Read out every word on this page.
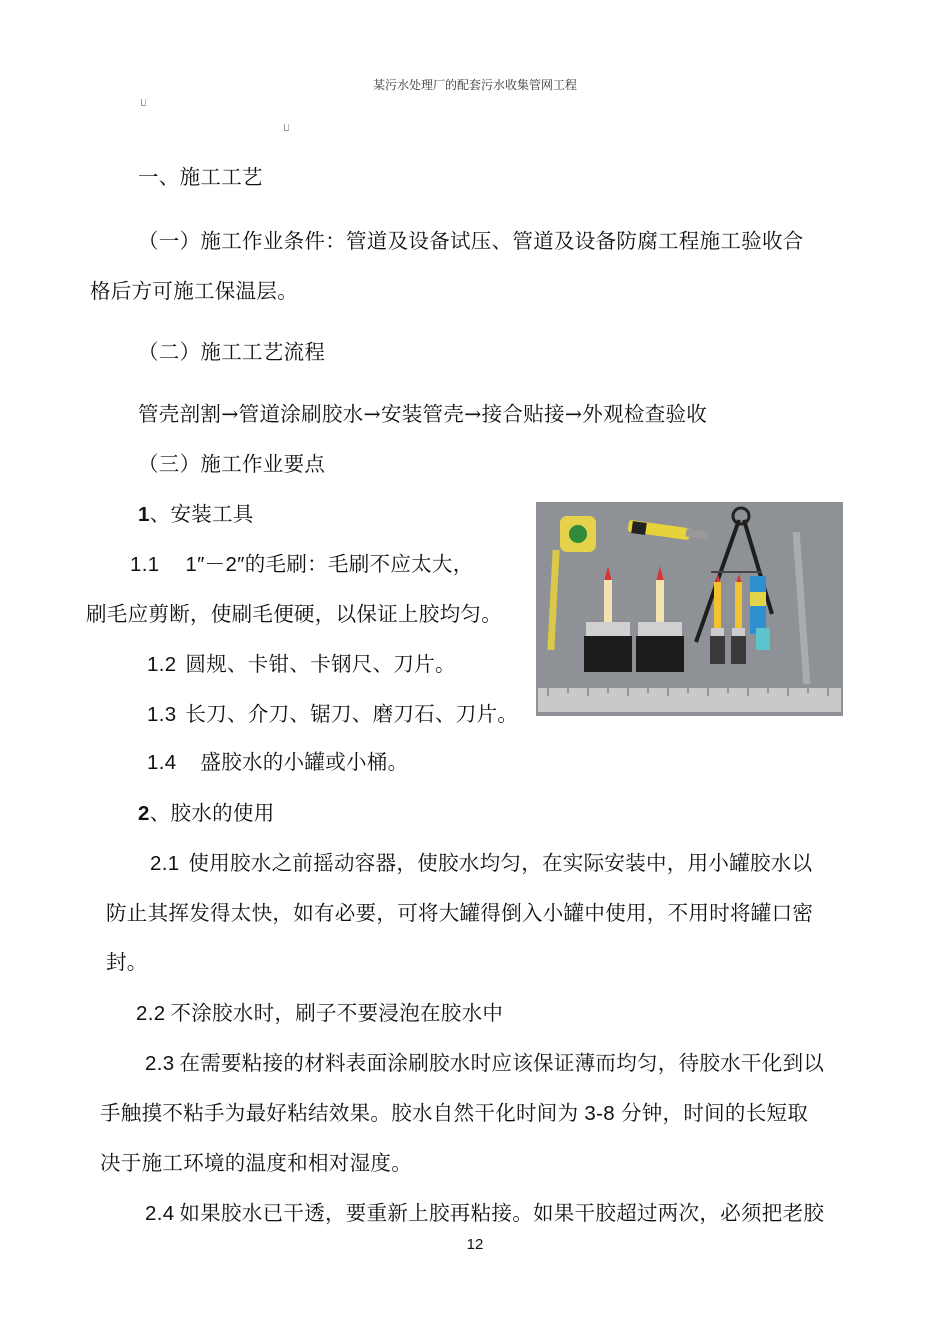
某污水处理厂的配套污水收集管网工程
一、施工工艺
（一）施工作业条件：管道及设备试压、管道及设备防腐工程施工验收合
格后方可施工保温层。
（二）施工工艺流程
管壳剖割→管道涂刷胶水→安装管壳→接合贴接→外观检查验收
（三）施工作业要点
1、安装工具
1.1 1″－2″的毛刷：毛刷不应太大，
刷毛应剪断，使刷毛便硬，以保证上胶均匀。
1.2 圆规、卡钳、卡钢尺、刀片。
1.3 长刀、介刀、锯刀、磨刀石、刀片。
1.4 盛胶水的小罐或小桶。
2、胶水的使用
2.1 使用胶水之前摇动容器，使胶水均匀，在实际安装中，用小罐胶水以
防止其挥发得太快，如有必要，可将大罐得倒入小罐中使用，不用时将罐口密
封。
2.2 不涂胶水时，刷子不要浸泡在胶水中
2.3 在需要粘接的材料表面涂刷胶水时应该保证薄而均匀，待胶水干化到以
手触摸不粘手为最好粘结效果。胶水自然干化时间为 3-8 分钟，时间的长短取
决于施工环境的温度和相对湿度。
2.4 如果胶水已干透，要重新上胶再粘接。如果干胶超过两次，必须把老胶
12
